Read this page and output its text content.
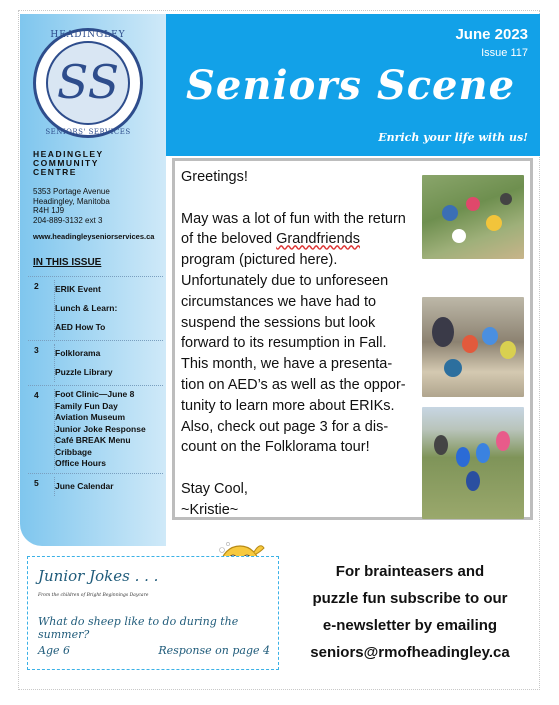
HEADINGLEY
SS
SENIORS' SERVICES
HEADINGLEY
COMMUNITY
CENTRE
5353 Portage Avenue
Headingley, Manitoba
R4H 1J9
204-889-3132 ext 3
www.headingleyseniorservices.ca
IN THIS ISSUE
2 ERIK Event
Lunch & Learn:
AED How To
3 Folklorama
Puzzle Library
4 Foot Clinic—June 8
Family Fun Day
Aviation Museum
Junior Joke Response
Café BREAK Menu
Cribbage
Office Hours
5 June Calendar
June 2023
Issue 117
Seniors Scene
Enrich your life with us!

Greetings!

May was a lot of fun with the return of the beloved Grandfriends program (pictured here). Unfortunately due to unforeseen circumstances we have had to suspend the sessions but look forward to its resumption in Fall. This month, we have a presenta-tion on AED’s as well as the oppor-tunity to learn more about ERIKs. Also, check out page 3 for a dis-count on the Folklorama tour!

Stay Cool,
~Kristie~
Junior Jokes . . .
From the children of Bright Beginnings Daycare
What do sheep like to do during the summer?
Age 6	Response on page 4
For brainteasers and
puzzle fun subscribe to our
e-newsletter by emailing
seniors@rmofheadingley.ca
